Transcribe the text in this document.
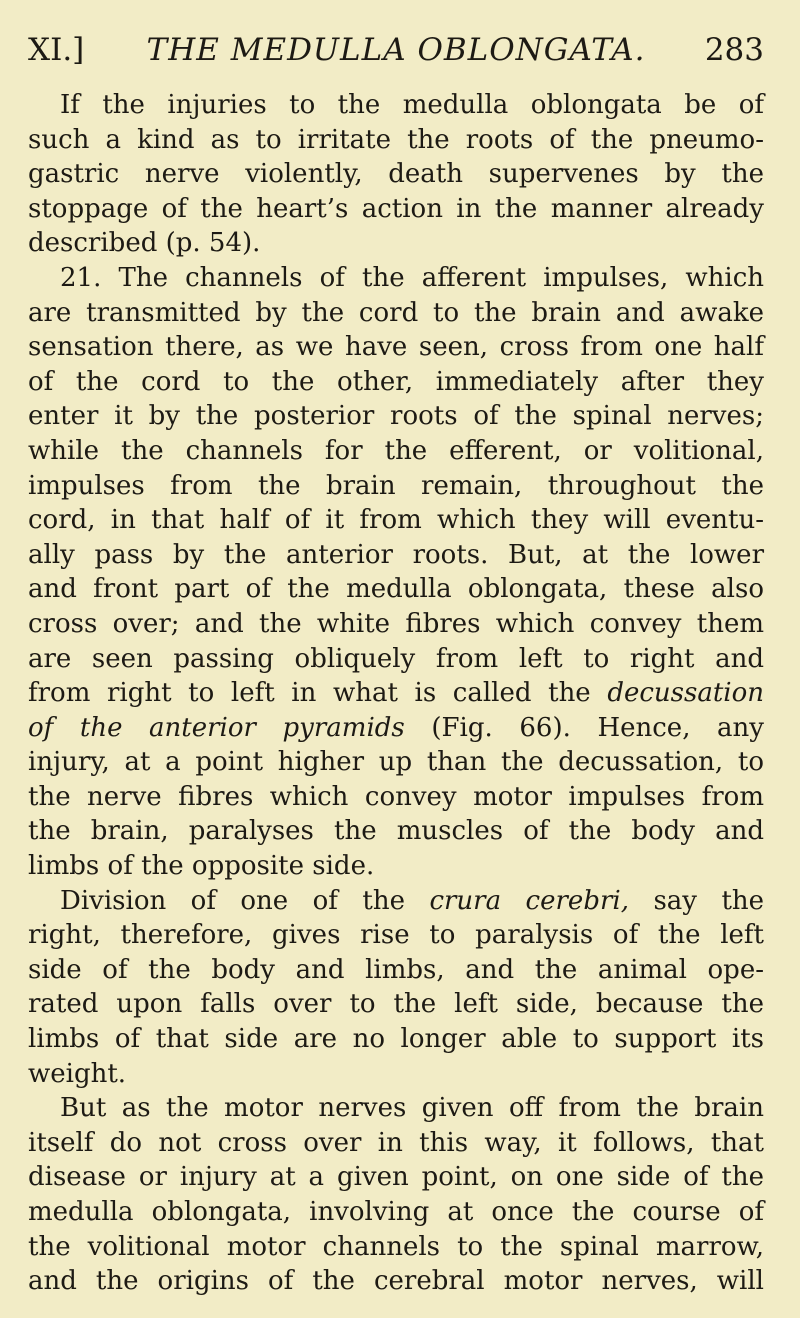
XI.]	THE MEDULLA OBLONGATA.	283
If the injuries to the medulla oblongata be of
such a kind as to irritate the roots of the pneumo-
gastric nerve violently, death supervenes by the
stoppage of the heart’s action in the manner already
described (p. 54).
21. The channels of the afferent impulses, which
are transmitted by the cord to the brain and awake
sensation there, as we have seen, cross from one half
of the cord to the other, immediately after they
enter it by the posterior roots of the spinal nerves;
while the channels for the efferent, or volitional,
impulses from the brain remain, throughout the
cord, in that half of it from which they will eventu-
ally pass by the anterior roots. But, at the lower
and front part of the medulla oblongata, these also
cross over; and the white fibres which convey them
are seen passing obliquely from left to right and
from right to left in what is called the decussation
of the anterior pyramids (Fig. 66). Hence, any
injury, at a point higher up than the decussation, to
the nerve fibres which convey motor impulses from
the brain, paralyses the muscles of the body and
limbs of the opposite side.
Division of one of the crura cerebri, say the
right, therefore, gives rise to paralysis of the left
side of the body and limbs, and the animal ope-
rated upon falls over to the left side, because the
limbs of that side are no longer able to support its
weight.
But as the motor nerves given off from the brain
itself do not cross over in this way, it follows, that
disease or injury at a given point, on one side of the
medulla oblongata, involving at once the course of
the volitional motor channels to the spinal marrow,
and the origins of the cerebral motor nerves, will
